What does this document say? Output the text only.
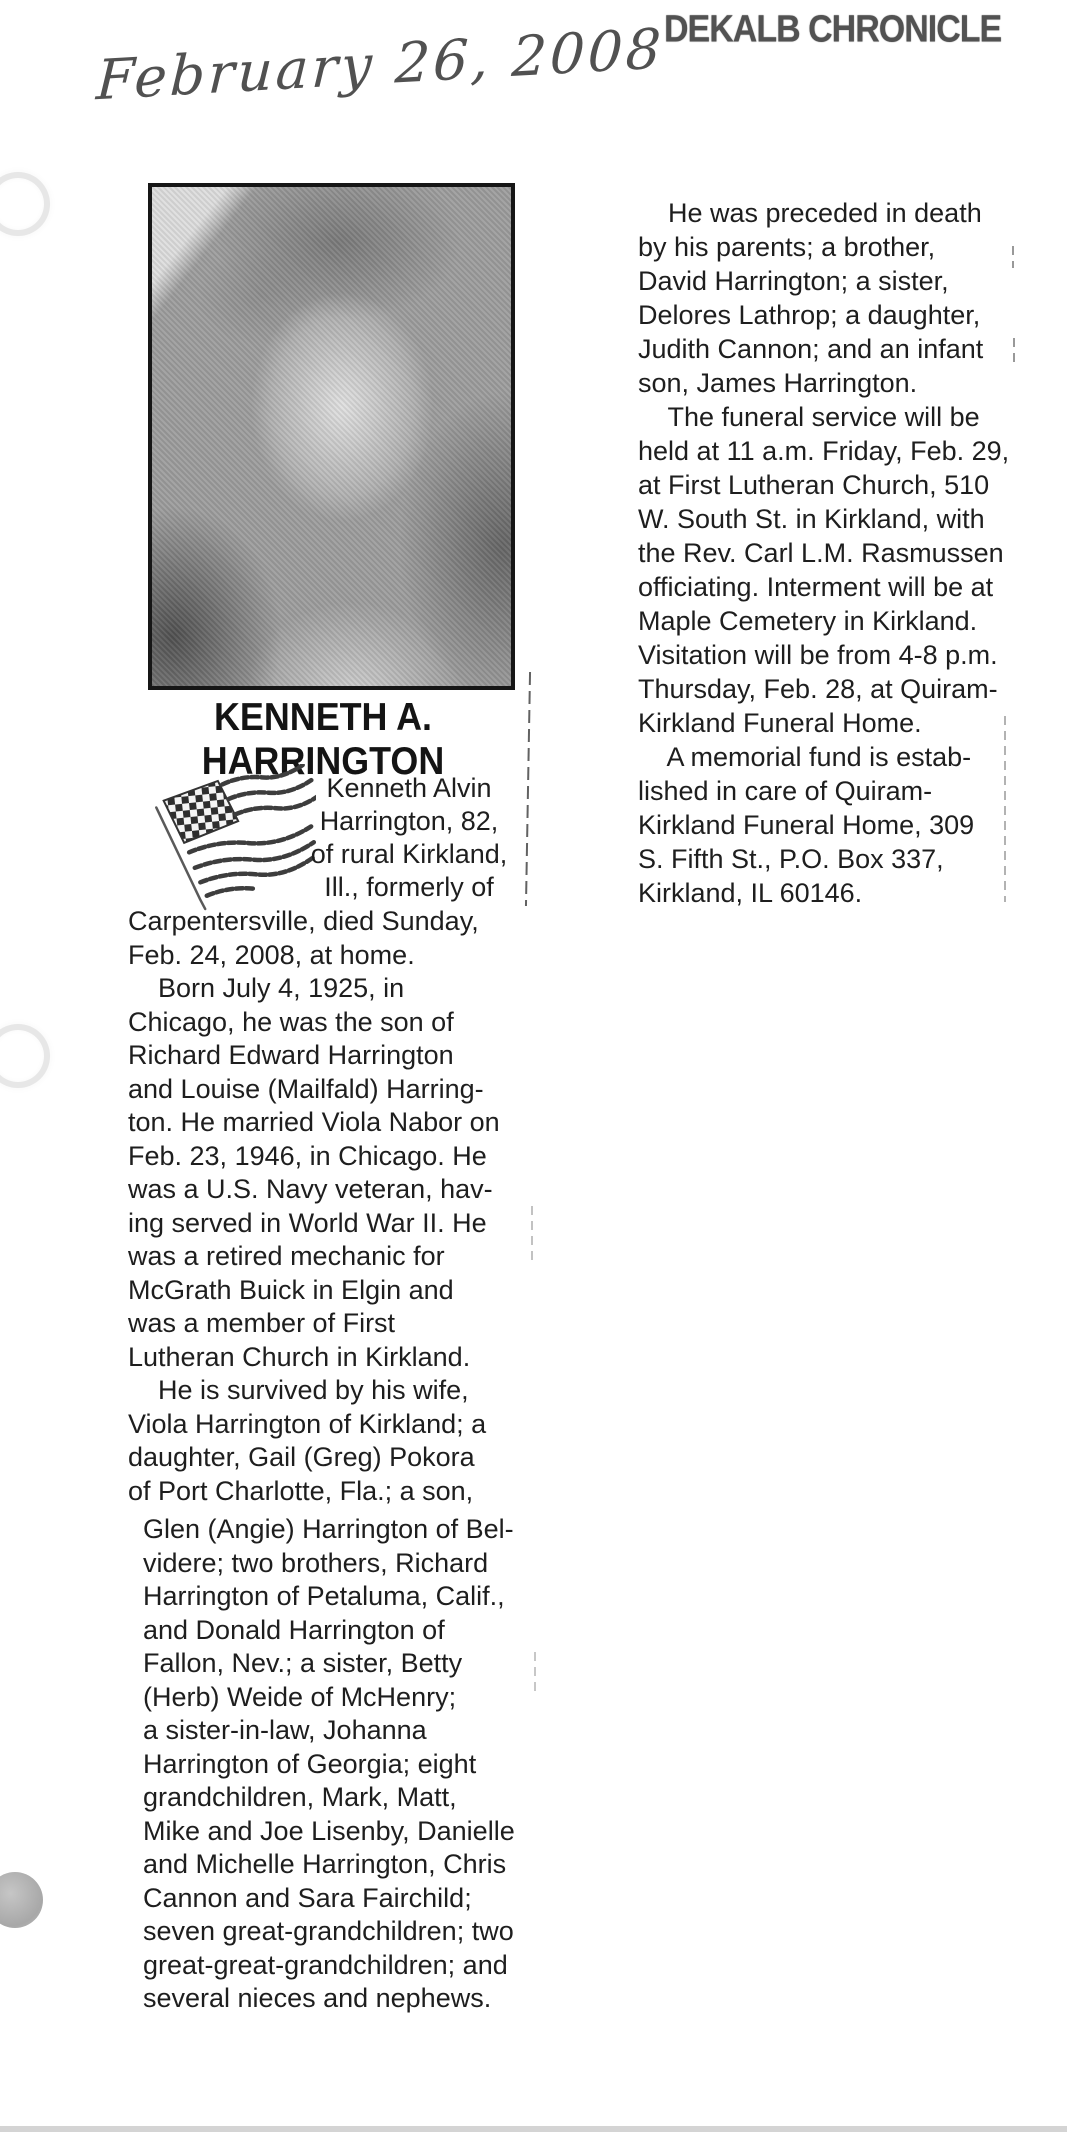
DEKALB CHRONICLE
February 26, 2008
KENNETH A.
HARRINGTON
Kenneth Alvin
Harrington, 82,
of rural Kirkland,
Ill., formerly of
Carpentersville, died Sunday,
Feb. 24, 2008, at home.
Born July 4, 1925, in
Chicago, he was the son of
Richard Edward Harrington
and Louise (Mailfald) Harring-
ton. He married Viola Nabor on
Feb. 23, 1946, in Chicago. He
was a U.S. Navy veteran, hav-
ing served in World War II. He
was a retired mechanic for
McGrath Buick in Elgin and
was a member of First
Lutheran Church in Kirkland.
He is survived by his wife,
Viola Harrington of Kirkland; a
daughter, Gail (Greg) Pokora
of Port Charlotte, Fla.; a son,
Glen (Angie) Harrington of Bel-
videre; two brothers, Richard
Harrington of Petaluma, Calif.,
and Donald Harrington of
Fallon, Nev.; a sister, Betty
(Herb) Weide of McHenry;
a sister-in-law, Johanna
Harrington of Georgia; eight
grandchildren, Mark, Matt,
Mike and Joe Lisenby, Danielle
and Michelle Harrington, Chris
Cannon and Sara Fairchild;
seven great-grandchildren; two
great-great-grandchildren; and
several nieces and nephews.
He was preceded in death
by his parents; a brother,
David Harrington; a sister,
Delores Lathrop; a daughter,
Judith Cannon; and an infant
son, James Harrington.
The funeral service will be
held at 11 a.m. Friday, Feb. 29,
at First Lutheran Church, 510
W. South St. in Kirkland, with
the Rev. Carl L.M. Rasmussen
officiating. Interment will be at
Maple Cemetery in Kirkland.
Visitation will be from 4-8 p.m.
Thursday, Feb. 28, at Quiram-
Kirkland Funeral Home.
A memorial fund is estab-
lished in care of Quiram-
Kirkland Funeral Home, 309
S. Fifth St., P.O. Box 337,
Kirkland, IL 60146.
